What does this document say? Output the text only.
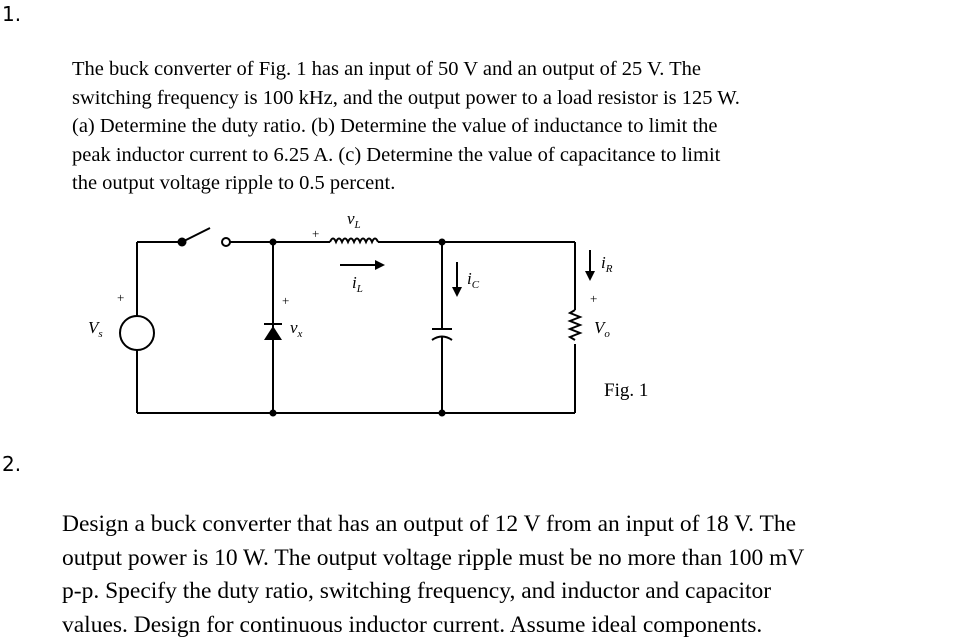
1.
The buck converter of Fig. 1 has an input of 50 V and an output of 25 V. The
switching frequency is 100 kHz, and the output power to a load resistor is 125 W.
(a) Determine the duty ratio. (b) Determine the value of inductance to limit the
peak inductor current to 6.25 A. (c) Determine the value of capacitance to limit
the output voltage ripple to 0.5 percent.
$V_s$	$v_x$
$v_L$
$i_L$
$i_C$
$i_R$
$V_o$
+	+
+
+
Fig. 1
2.
Design a buck converter that has an output of 12 V from an input of 18 V. The
output power is 10 W. The output voltage ripple must be no more than 100 mV
p-p. Specify the duty ratio, switching frequency, and inductor and capacitor
values. Design for continuous inductor current. Assume ideal components.
